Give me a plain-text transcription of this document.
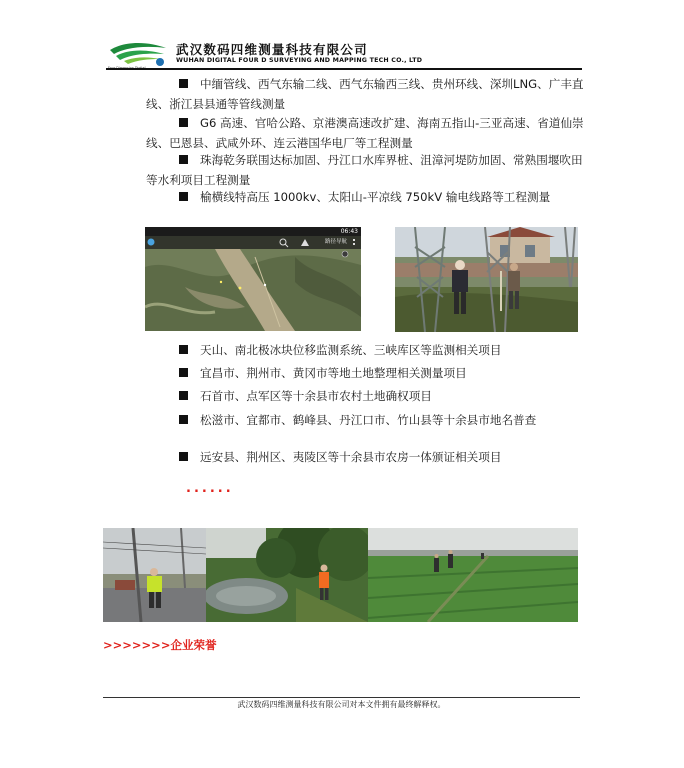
武汉数码四维测量科技有限公司
WUHAN DIGITAL FOUR D SURVEYING AND MAPPING TECH CO., LTD
中缅管线、西气东输二线、西气东输西三线、贵州环线、深圳LNG、广丰直线、浙江县县通等管线测量
G6 高速、官哈公路、京港澳高速改扩建、海南五指山-三亚高速、省道仙崇线、巴恩县、武咸外环、连云港国华电厂等工程测量
珠海乾务联围达标加固、丹江口水库界桩、沮漳河堤防加固、常熟围堰吹田等水利项目工程测量
榆横线特高压 1000kv、太阳山-平凉线 750kV 输电线路等工程测量
06:43
路径导航
天山、南北极冰块位移监测系统、三峡库区等监测相关项目
宜昌市、荆州市、黄冈市等地土地整理相关测量项目
石首市、点军区等十余县市农村土地确权项目
松滋市、宜都市、鹤峰县、丹江口市、竹山县等十余县市地名普查
远安县、荆州区、夷陵区等十余县市农房一体颁证相关项目
......
>>>>>>>企业荣誉
武汉数码四维测量科技有限公司对本文件拥有最终解释权。
